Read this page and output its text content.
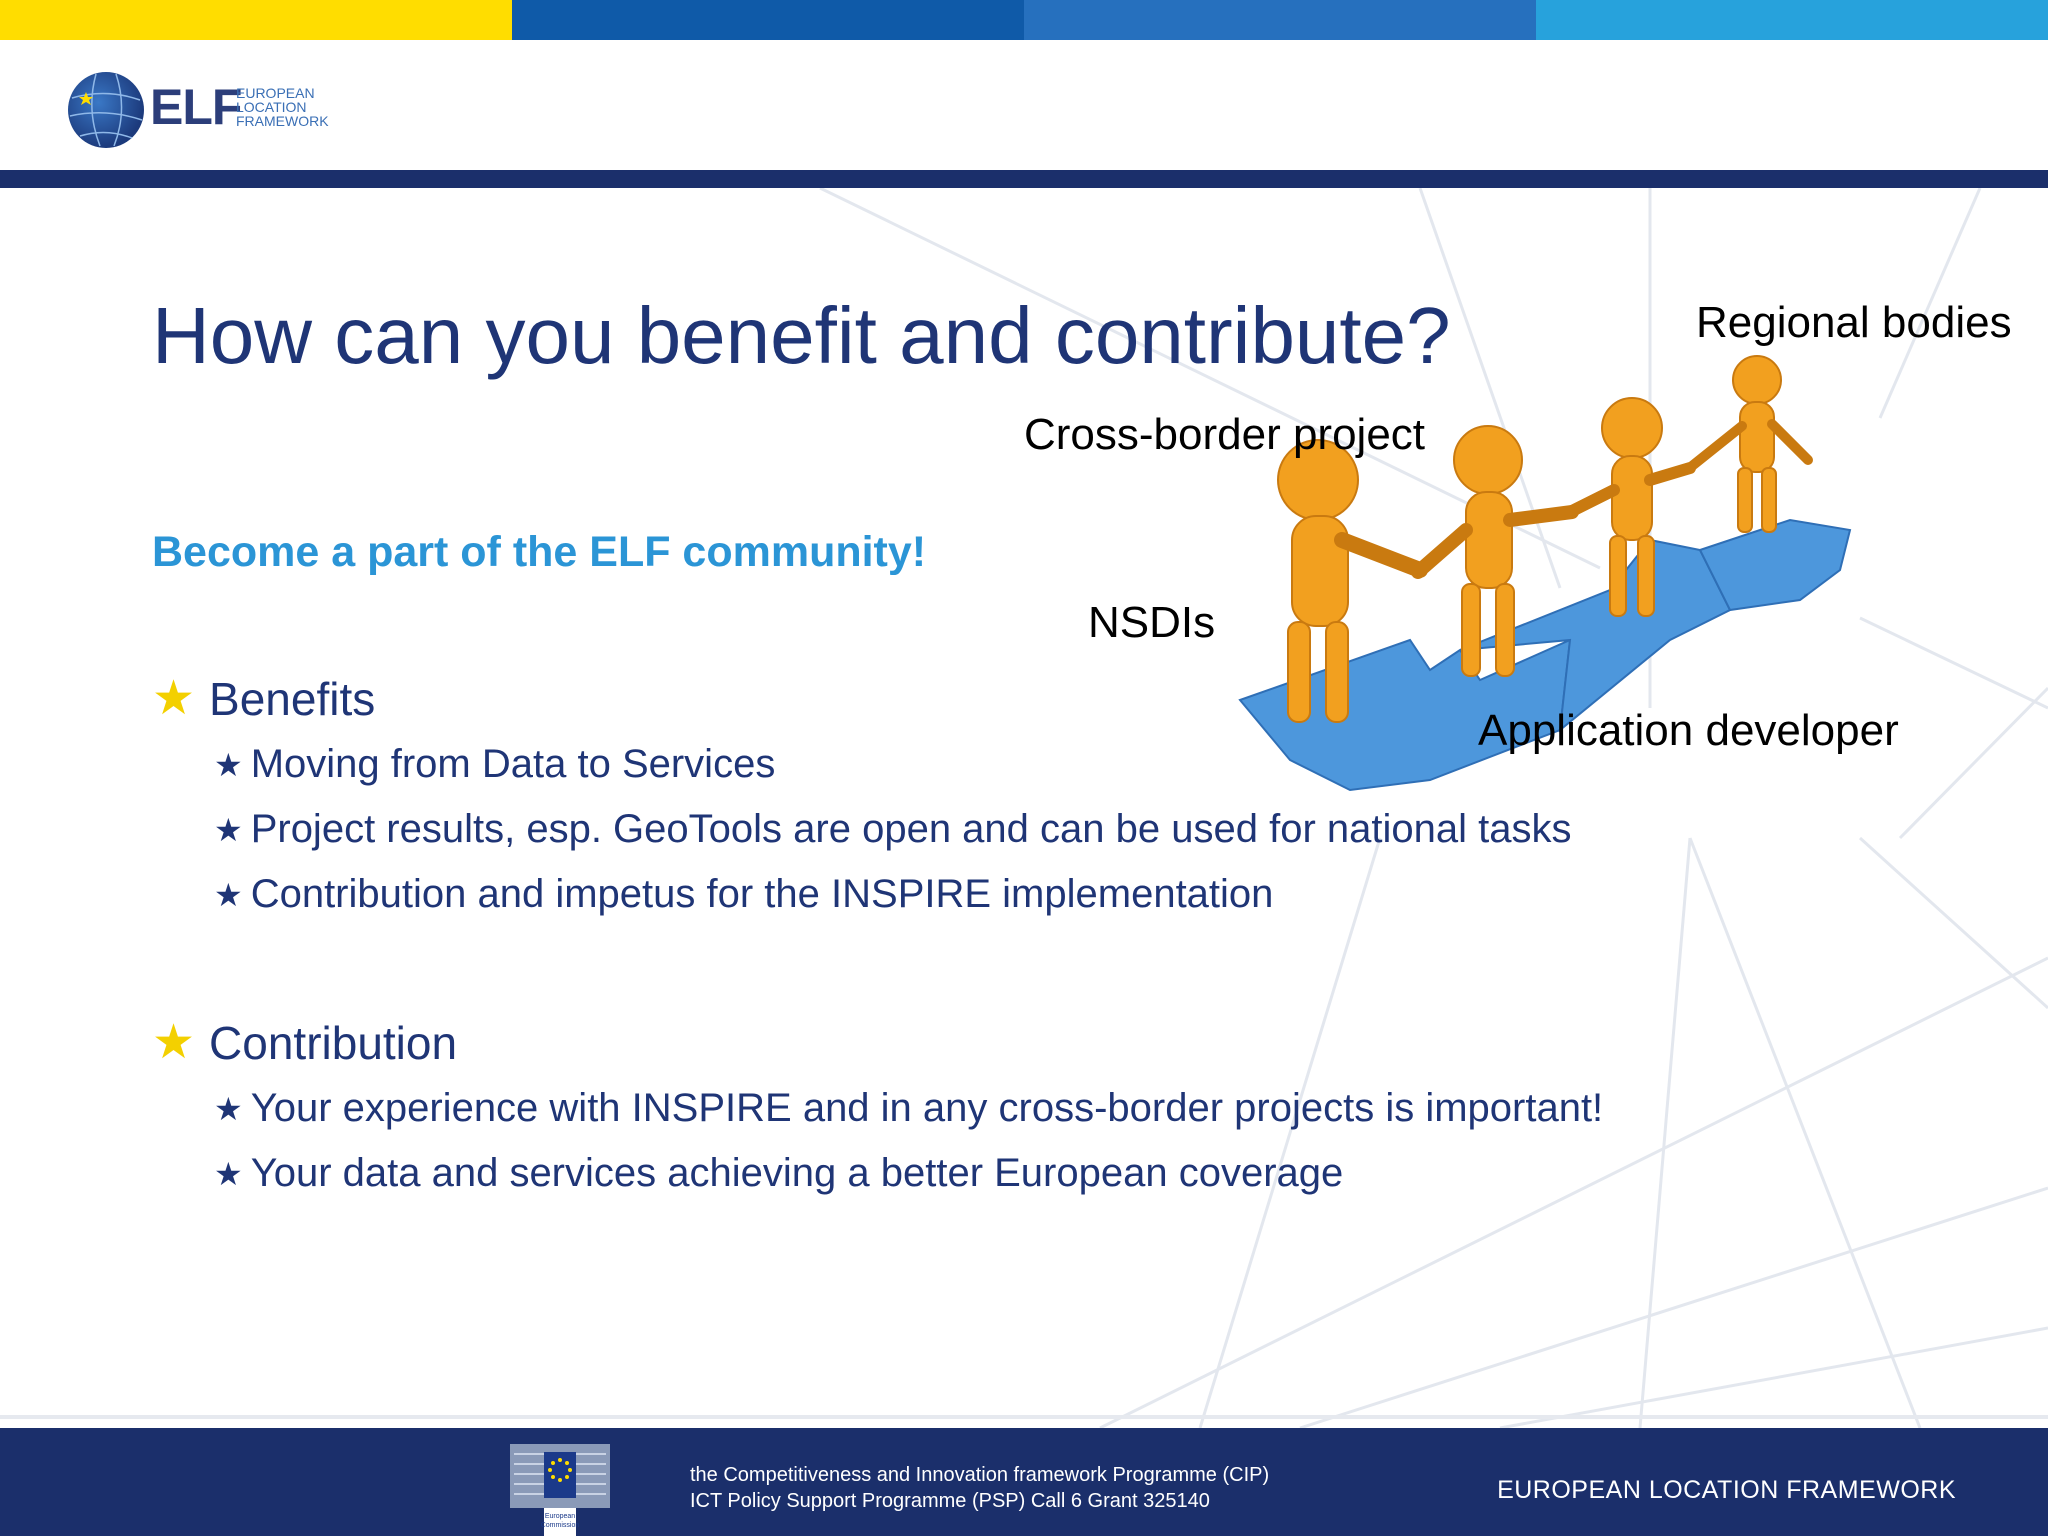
ELF
EUROPEAN
LOCATION
FRAMEWORK
How can you benefit and contribute?
Become a part of the ELF community!
★ Benefits
★ Moving from Data to Services
★ Project results, esp. GeoTools are open and can be used for national tasks
★ Contribution and impetus for the INSPIRE implementation
★ Contribution
★ Your experience with INSPIRE and in any cross-border projects is important!
★ Your data and services achieving a better European coverage
Regional bodies
Cross-border project
NSDIs
Application developer
European
Commission
the Competitiveness and Innovation framework Programme (CIP)
ICT Policy Support Programme (PSP) Call 6 Grant 325140	EUROPEAN LOCATION FRAMEWORK
